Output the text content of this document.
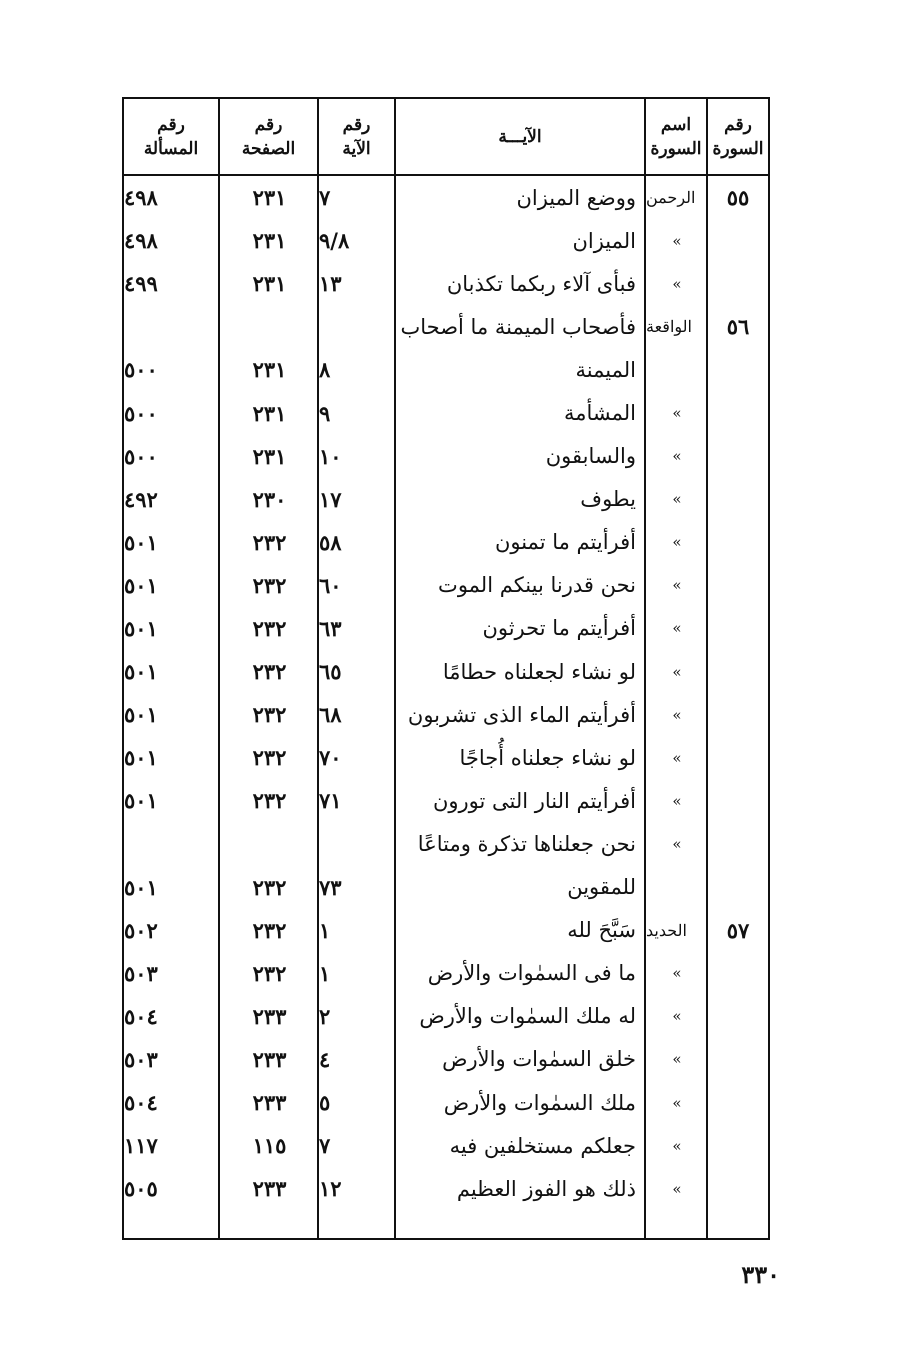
رقم
السورة
اسم
السورة
الآيـــة
رقم
الآية
رقم
الصفحة
رقم
المسألة
٥٥
الرحمن
ووضع الميزان
٧
٢٣١
٤٩٨
»
الميزان
٩/٨
٢٣١
٤٩٨
»
فبأى آلاء ربكما تكذبان
١٣
٢٣١
٤٩٩
٥٦
الواقعة
فأصحاب الميمنة ما أصحاب
الميمنة
٨
٢٣١
٥٠٠
»
المشأمة
٩
٢٣١
٥٠٠
»
والسابقون
١٠
٢٣١
٥٠٠
»
يطوف
١٧
٢٣٠
٤٩٢
»
أفرأيتم ما تمنون
٥٨
٢٣٢
٥٠١
»
نحن قدرنا بينكم الموت
٦٠
٢٣٢
٥٠١
»
أفرأيتم ما تحرثون
٦٣
٢٣٢
٥٠١
»
لو نشاء لجعلناه حطامًا
٦٥
٢٣٢
٥٠١
»
أفرأيتم الماء الذى تشربون
٦٨
٢٣٢
٥٠١
»
لو نشاء جعلناه أُجاجًا
٧٠
٢٣٢
٥٠١
»
أفرأيتم النار التى تورون
٧١
٢٣٢
٥٠١
»
نحن جعلناها تذكرة ومتاعًا
للمقوين
٧٣
٢٣٢
٥٠١
٥٧
الحديد
سَبَّحَ لله
١
٢٣٢
٥٠٢
»
ما فى السمٰوات والأرض
١
٢٣٢
٥٠٣
»
له ملك السمٰوات والأرض
٢
٢٣٣
٥٠٤
»
خلق السمٰوات والأرض
٤
٢٣٣
٥٠٣
»
ملك السمٰوات والأرض
٥
٢٣٣
٥٠٤
»
جعلكم مستخلفين فيه
٧
١١٥
١١٧
»
ذلك هو الفوز العظيم
١٢
٢٣٣
٥٠٥
٣٣٠
